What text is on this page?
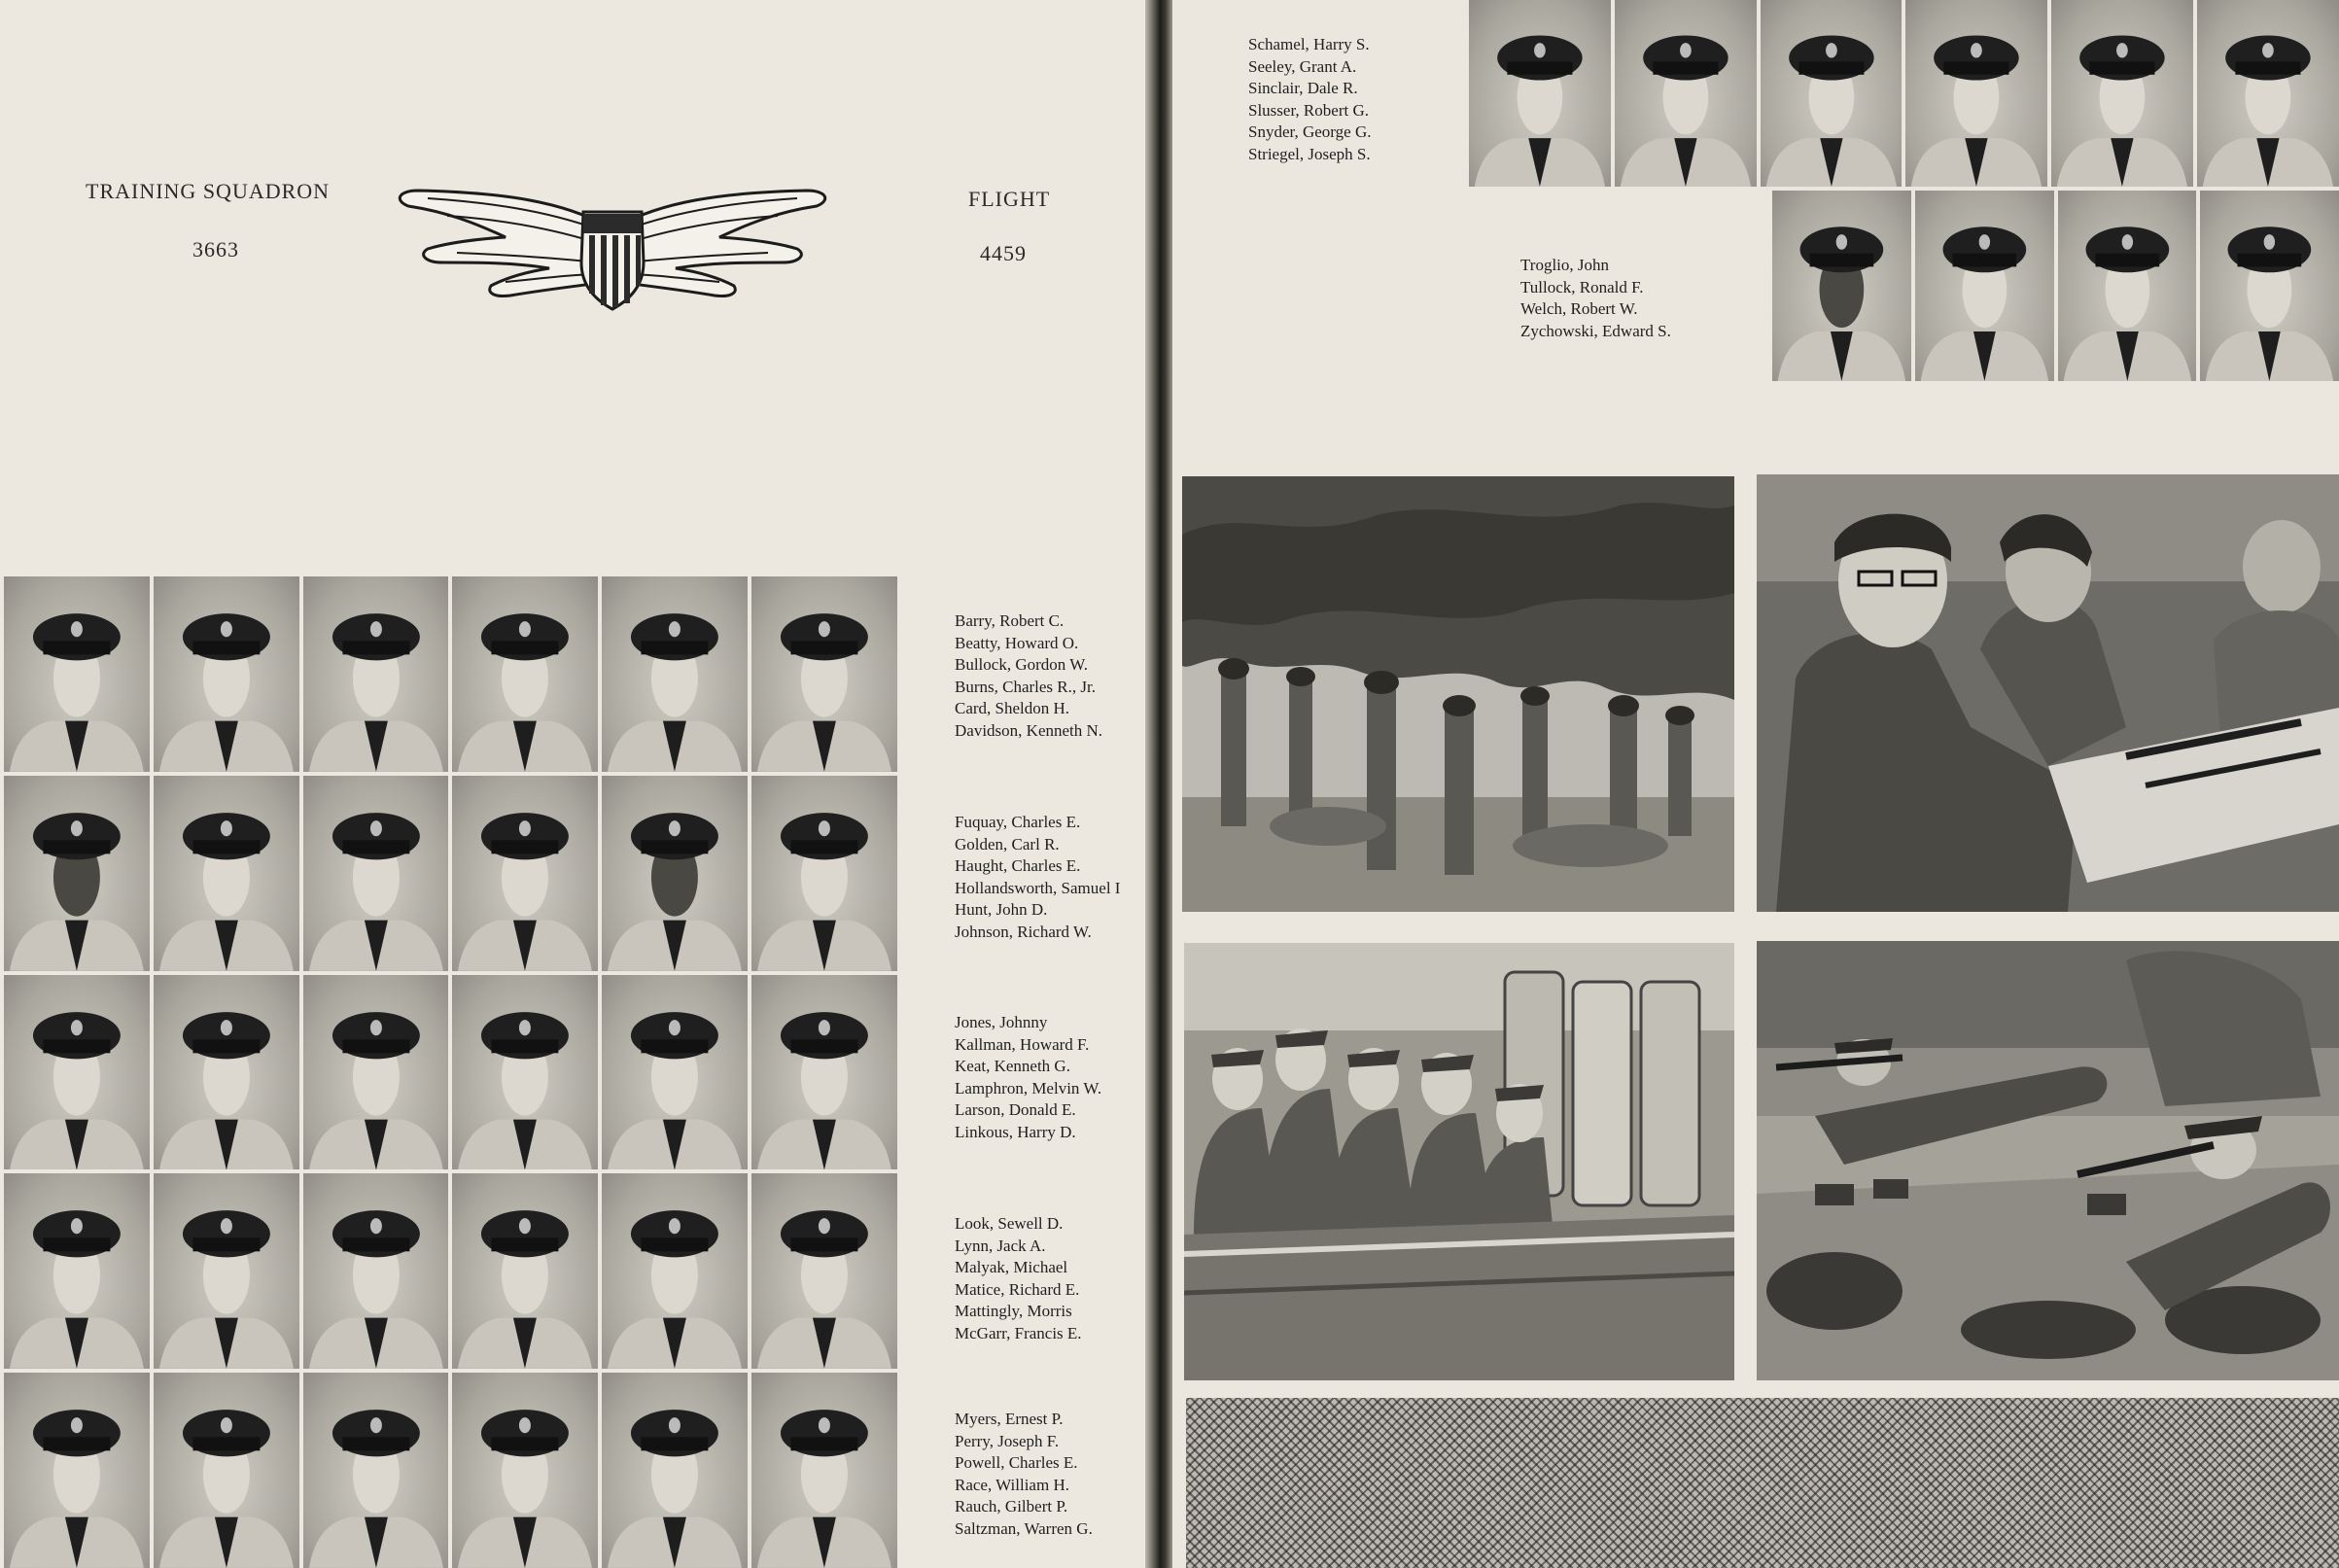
TRAINING SQUADRON
3663
FLIGHT
4459
Barry, Robert C.
Beatty, Howard O.
Bullock, Gordon W.
Burns, Charles R., Jr.
Card, Sheldon H.
Davidson, Kenneth N.
Fuquay, Charles E.
Golden, Carl R.
Haught, Charles E.
Hollandsworth, Samuel I
Hunt, John D.
Johnson, Richard W.
Jones, Johnny
Kallman, Howard F.
Keat, Kenneth G.
Lamphron, Melvin W.
Larson, Donald E.
Linkous, Harry D.
Look, Sewell D.
Lynn, Jack A.
Malyak, Michael
Matice, Richard E.
Mattingly, Morris
McGarr, Francis E.
Myers, Ernest P.
Perry, Joseph F.
Powell, Charles E.
Race, William H.
Rauch, Gilbert P.
Saltzman, Warren G.
Schamel, Harry S.
Seeley, Grant A.
Sinclair, Dale R.
Slusser, Robert G.
Snyder, George G.
Striegel, Joseph S.
Troglio, John
Tullock, Ronald F.
Welch, Robert W.
Zychowski, Edward S.
